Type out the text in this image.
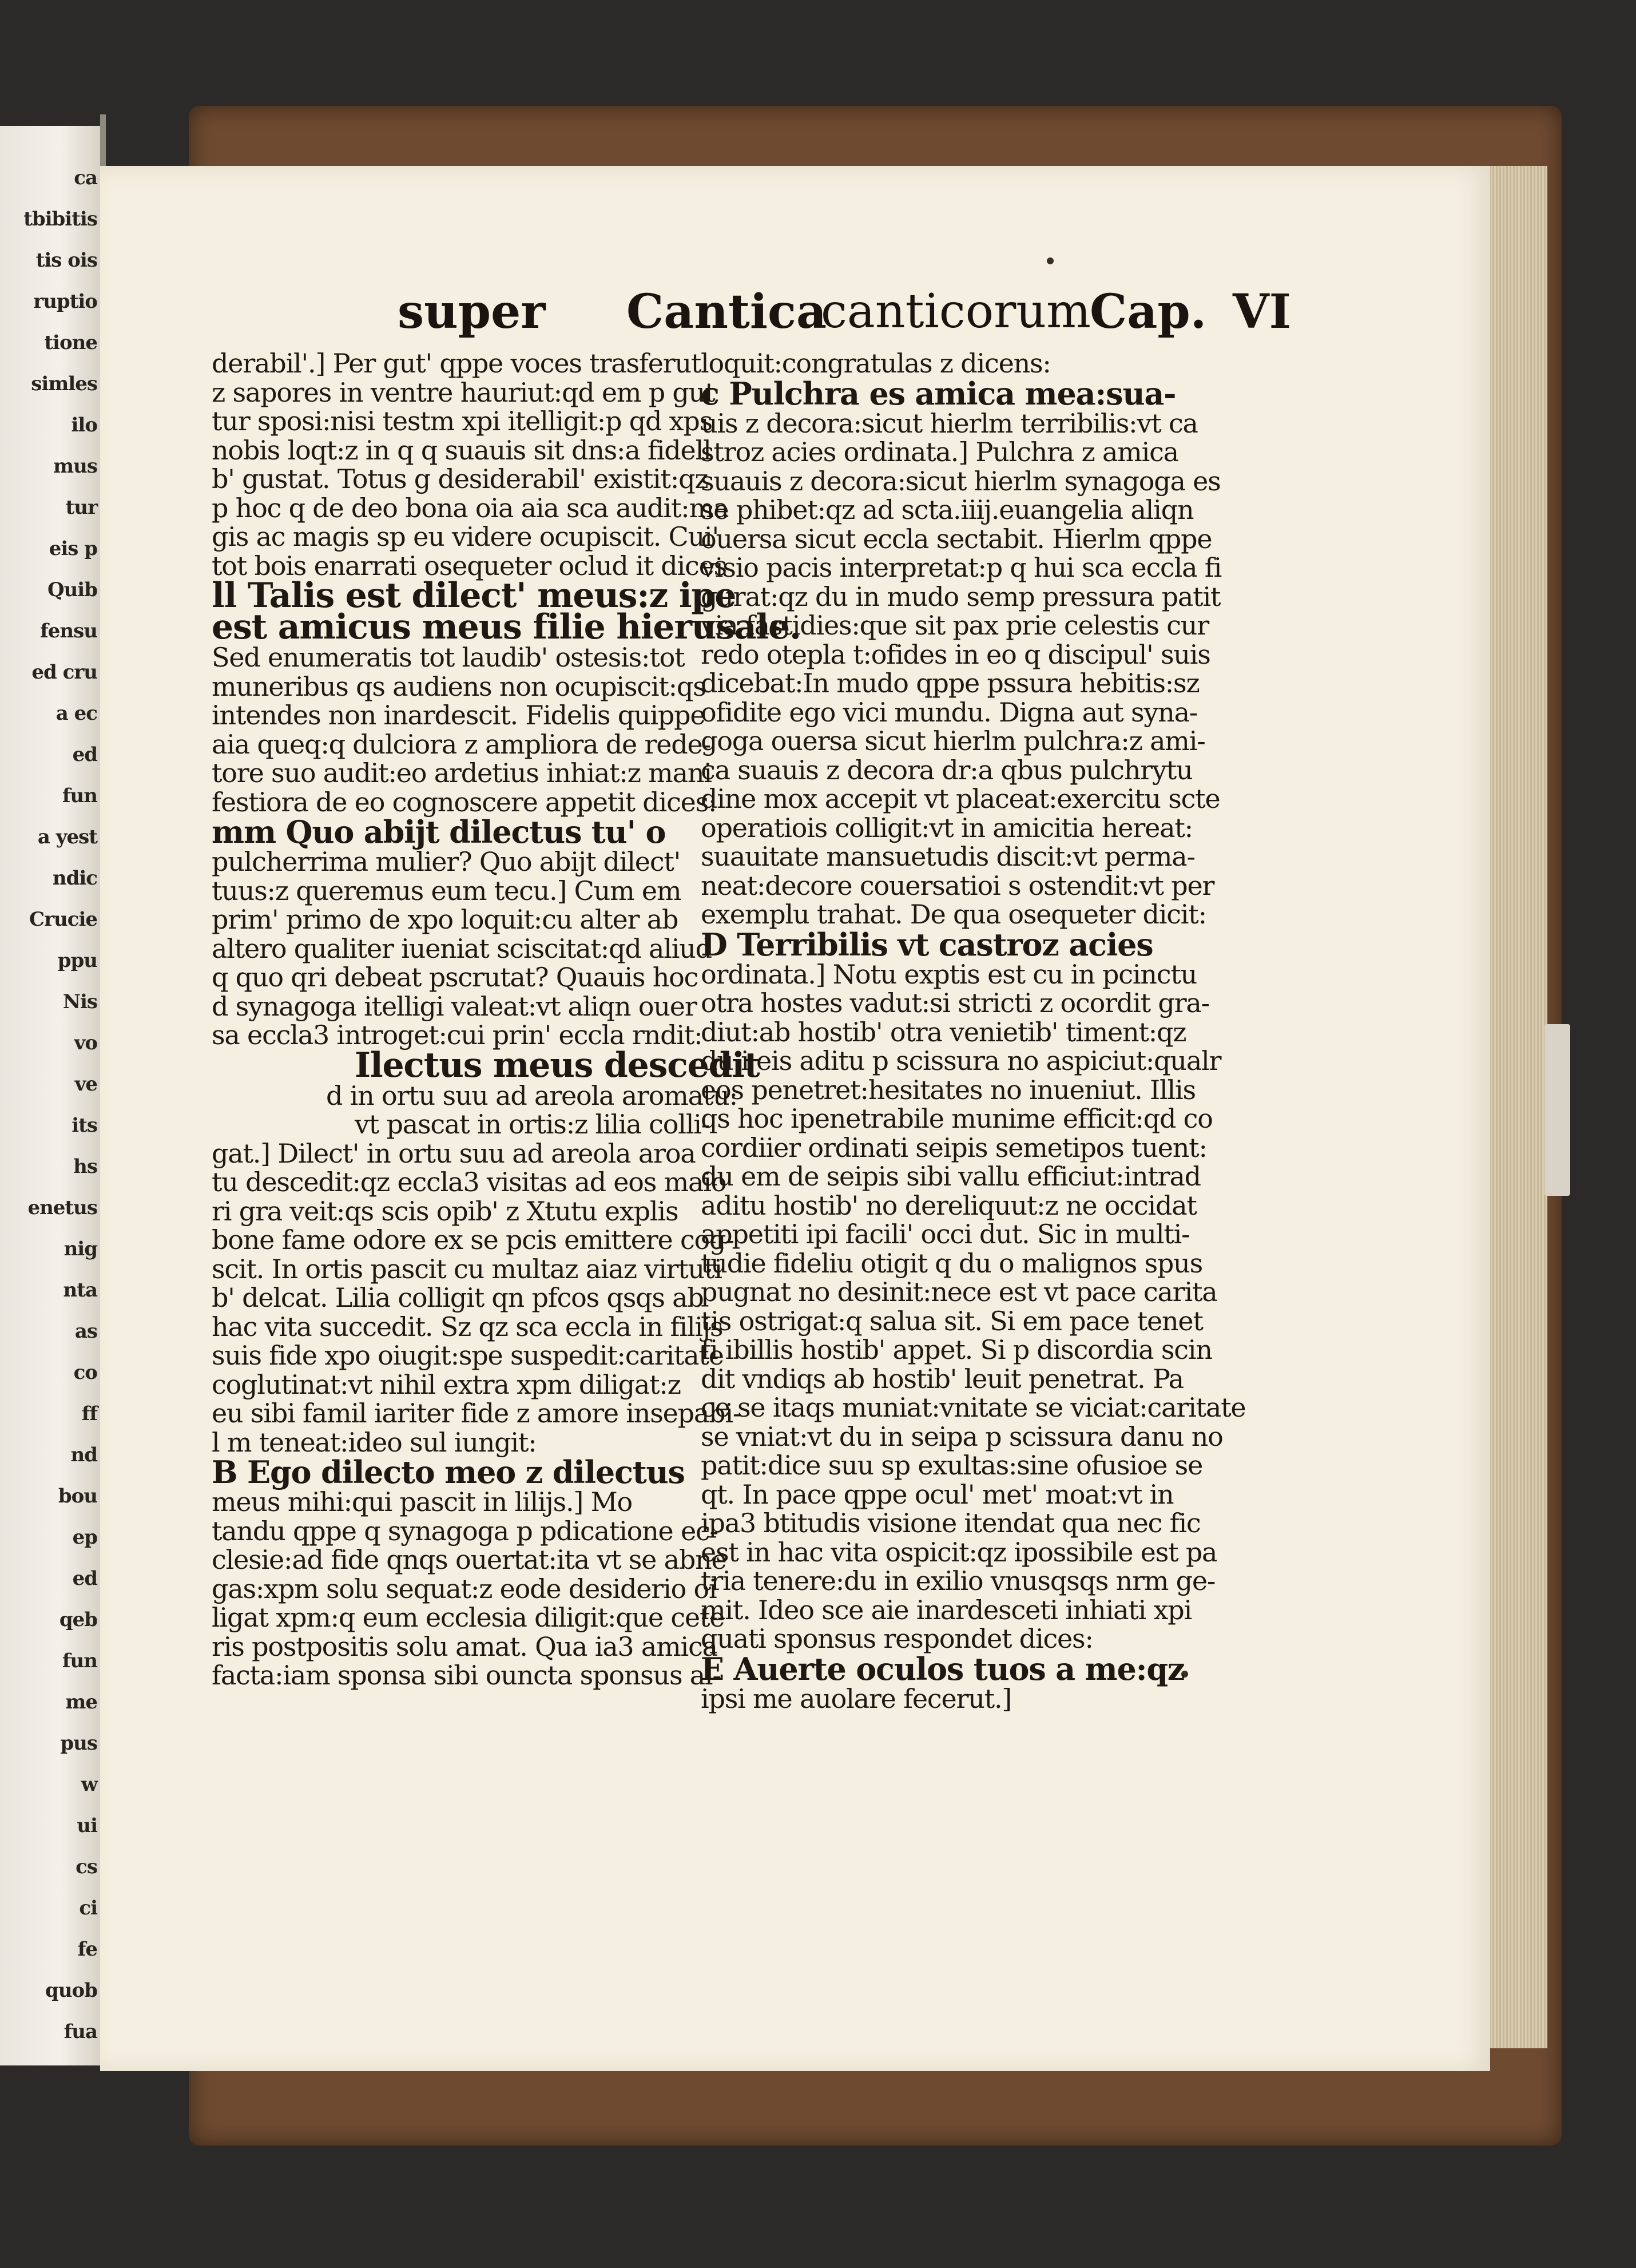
ca
tbibitis
tis ois
ruptio
tione
simles
ilo
mus
tur
eis p
Quib
fensu
ed cru
a ec
ed
fun
a yest
ndic
Crucie
ppu
Nis
vo
ve
its
hs
enetus
nig
nta
as
co
ff
nd
bou
ep
ed
qeb
fun
me
pus
w
ui
cs
ci
fe
quob
fua
super Cantica
canticorum
Cap. VI

derabil'.] Per gut' qppe voces trasferut

z sapores in ventre hauriut:qd em p gut

tur sposi:nisi testm xpi itelligit:p qd xps

nobis loqt:z in q q suauis sit dns:a fidell

b' gustat. Totus g desiderabil' existit:qz

p hoc q de deo bona oia aia sca audit:ma

gis ac magis sp eu videre ocupiscit. Cui'

tot bois enarrati osequeter oclud it dices

ll Talis est dilect' meus:z ipe

est amicus meus filie hierusale.

Sed enumeratis tot laudib' ostesis:tot

muneribus qs audiens non ocupiscit:qs

intendes non inardescit. Fidelis quippe

aia queq:q dulciora z ampliora de rede-

tore suo audit:eo ardetius inhiat:z mani

festiora de eo cognoscere appetit dices:

mm Quo abijt dilectus tu' o

pulcherrima mulier? Quo abijt dilect'

tuus:z queremus eum tecu.] Cum em

prim' primo de xpo loquit:cu alter ab

altero qualiter iueniat sciscitat:qd aliud

q quo qri debeat pscrutat? Quauis hoc

d synagoga itelligi valeat:vt aliqn ouer

sa eccla3 introget:cui prin' eccla rndit:

Ilectus meus descedit

d in ortu suu ad areola aromatu:

vt pascat in ortis:z lilia colli-

gat.] Dilect' in ortu suu ad areola aroa

tu descedit:qz eccla3 visitas ad eos maio

ri gra veit:qs scis opib' z Xtutu explis

bone fame odore ex se pcis emittere cog-

scit. In ortis pascit cu multaz aiaz virtuti

b' delcat. Lilia colligit qn pfcos qsqs ab

hac vita succedit. Sz qz sca eccla in filijs

suis fide xpo oiugit:spe suspedit:caritate

coglutinat:vt nihil extra xpm diligat:z

eu sibi famil iariter fide z amore insepabi-

l m teneat:ideo sul iungit:

B Ego dilecto meo z dilectus

meus mihi:qui pascit in lilijs.] Mo

tandu qppe q synagoga p pdicatione ec-

clesie:ad fide qnqs ouertat:ita vt se abne

gas:xpm solu sequat:z eode desiderio oi

ligat xpm:q eum ecclesia diligit:que cete

ris postpositis solu amat. Qua ia3 amica

facta:iam sponsa sibi ouncta sponsus al-

loquit:congratulas z dicens:

c Pulchra es amica mea:sua-

uis z decora:sicut hierlm terribilis:vt ca

stroz acies ordinata.] Pulchra z amica

suauis z decora:sicut hierlm synagoga es

se phibet:qz ad scta.iiij.euangelia aliqn

ouersa sicut eccla sectabit. Hierlm qppe

visio pacis interpretat:p q hui sca eccla fi

gurat:qz du in mudo semp pressura patit

via fastidies:que sit pax prie celestis cur

redo otepla t:ofides in eo q discipul' suis

dicebat:In mudo qppe pssura hebitis:sz

ofidite ego vici mundu. Digna aut syna-

goga ouersa sicut hierlm pulchra:z ami-

ca suauis z decora dr:a qbus pulchrytu

dine mox accepit vt placeat:exercitu scte

operatiois colligit:vt in amicitia hereat:

suauitate mansuetudis discit:vt perma-

neat:decore couersatioi s ostendit:vt per

exemplu trahat. De qua osequeter dicit:

D Terribilis vt castroz acies

ordinata.] Notu exptis est cu in pcinctu

otra hostes vadut:si stricti z ocordit gra-

diut:ab hostib' otra venietib' timent:qz

du i eis aditu p scissura no aspiciut:qualr

eos penetret:hesitates no inueniut. Illis

qs hoc ipenetrabile munime efficit:qd co

cordiier ordinati seipis semetipos tuent:

du em de seipis sibi vallu efficiut:intrad

aditu hostib' no dereliquut:z ne occidat

appetiti ipi facili' occi dut. Sic in multi-

tudie fideliu otigit q du o malignos spus

pugnat no desinit:nece est vt pace carita

tis ostrigat:q salua sit. Si em pace tenet

fi ibillis hostib' appet. Si p discordia scin

dit vndiqs ab hostib' leuit penetrat. Pa

ce se itaqs muniat:vnitate se viciat:caritate

se vniat:vt du in seipa p scissura danu no

patit:dice suu sp exultas:sine ofusioe se

qt. In pace qppe ocul' met' moat:vt in

ipa3 btitudis visione itendat qua nec fic

est in hac vita ospicit:qz ipossibile est pa

tria tenere:du in exilio vnusqsqs nrm ge-

mit. Ideo sce aie inardesceti inhiati xpi

quati sponsus respondet dices:

E Auerte oculos tuos a me:qz

ipsi me auolare fecerut.]
